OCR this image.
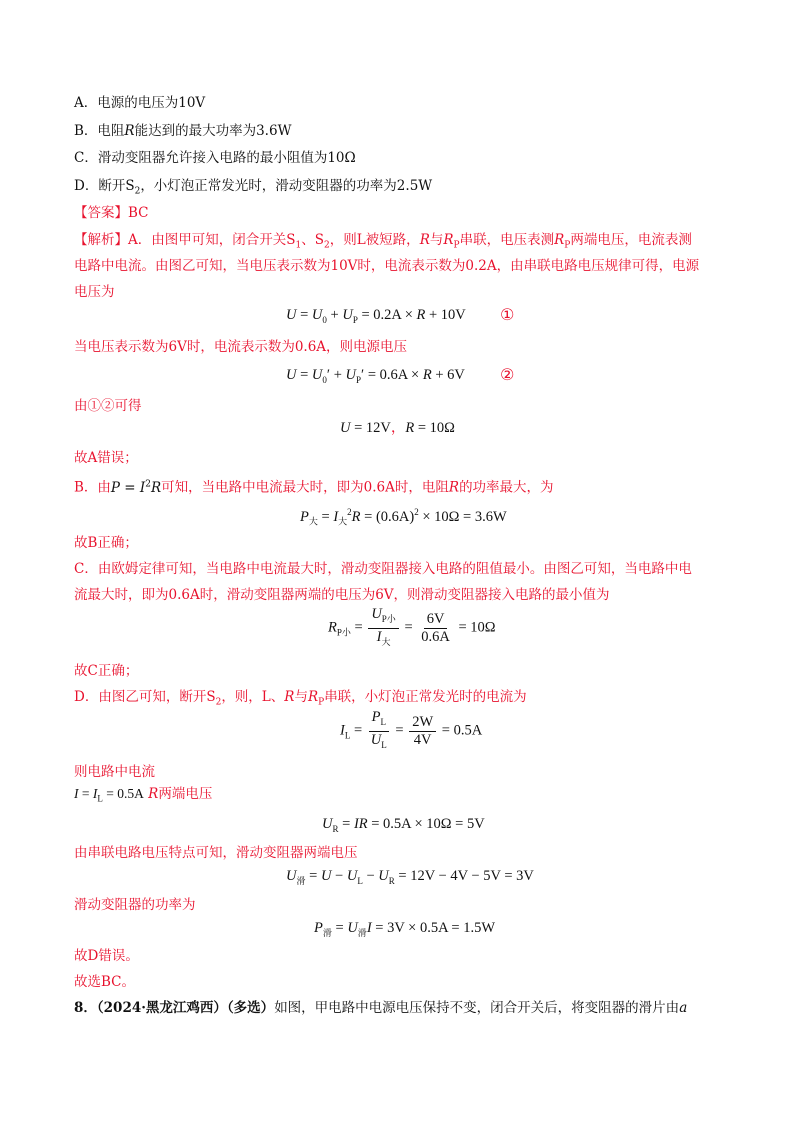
A．电源的电压为10V
B．电阻R能达到的最大功率为3.6W
C．滑动变阻器允许接入电路的最小阻值为10Ω
D．断开$S_2$，小灯泡正常发光时，滑动变阻器的功率为2.5W
【答案】BC
【解析】A．由图甲可知，闭合开关$S_1$、$S_2$，则L被短路，R与$R_P$串联，电压表测$R_P$两端电压，电流表测
电路中电流。由图乙可知，当电压表示数为10V时，电流表示数为0.2A，由串联电路电压规律可得，电源
电压为
$U = U_0 + U_P = 0.2A \times R + 10V$ ①
当电压表示数为6V时，电流表示数为0.6A，则电源电压
$U = U_0' + U_P' = 0.6A \times R + 6V$ ②
由①②可得
U = 12V，R = 10Ω
故A错误；
B．由$P = I^2R$可知，当电路中电流最大时，即为0.6A时，电阻R的功率最大，为
$P_大 = I_大^2R = (0.6A)^2 \times 10\Omega = 3.6W$
故B正确；
C．由欧姆定律可知，当电路中电流最大时，滑动变阻器接入电路的阻值最小。由图乙可知，当电路中电
流最大时，即为0.6A时，滑动变阻器两端的电压为6V，则滑动变阻器接入电路的最小值为
$R_{P小} = \frac{U_{P小}}{I_大} = \frac{6V}{0.6A} = 10\Omega$
故C正确；
D．由图乙可知，断开$S_2$，则，L、R与$R_P$串联，小灯泡正常发光时的电流为
$I_L = \frac{P_L}{U_L} = \frac{2W}{4V} = 0.5A$
则电路中电流
$I = I_L = 0.5A$ R两端电压
$U_R$ = IR = 0.5A × 10Ω = 5V
由串联电路电压特点可知，滑动变阻器两端电压
$U_滑 = U - U_L - U_R = 12V - 4V - 5V = 3V$
滑动变阻器的功率为
$P_滑 = U_滑I = 3V \times 0.5A = 1.5W$
故D错误。
故选BC。
8．（2024·黑龙江鸡西）（多选）如图，甲电路中电源电压保持不变，闭合开关后，将变阻器的滑片由a
